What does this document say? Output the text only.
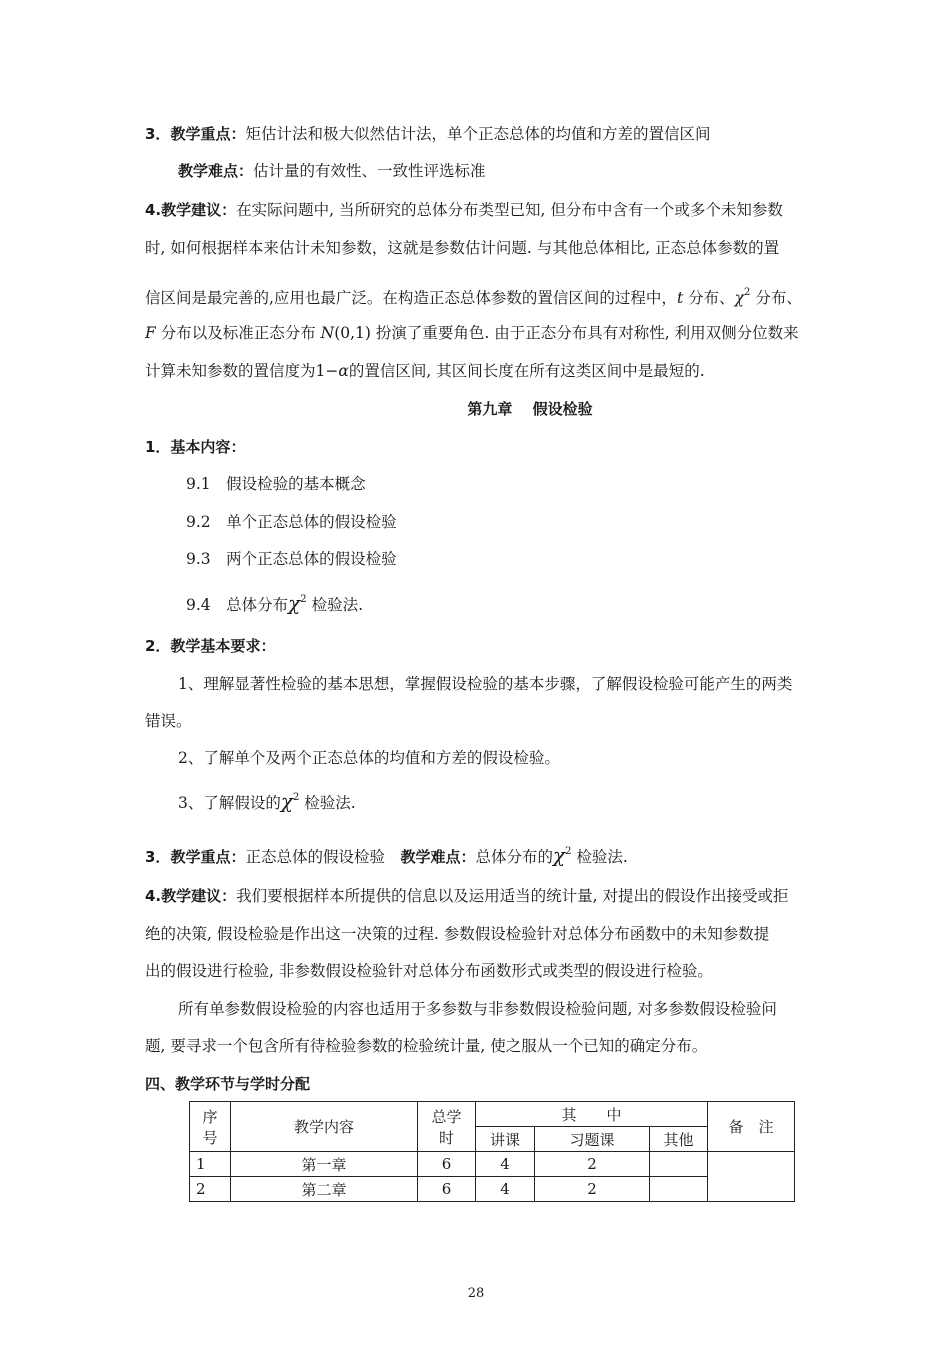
3．教学重点：矩估计法和极大似然估计法，单个正态总体的均值和方差的置信区间
教学难点：估计量的有效性、一致性评选标准
4.教学建议：在实际问题中, 当所研究的总体分布类型已知, 但分布中含有一个或多个未知参数
时, 如何根据样本来估计未知参数，这就是参数估计问题. 与其他总体相比, 正态总体参数的置
信区间是最完善的,应用也最广泛。在构造正态总体参数的置信区间的过程中，t 分布、$\chi^2$ 分布、
F 分布以及标准正态分布 N(0,1) 扮演了重要角色. 由于正态分布具有对称性, 利用双侧分位数来
计算未知参数的置信度为1−α的置信区间, 其区间长度在所有这类区间中是最短的.
第九章　 假设检验
1．基本内容：
9.1　假设检验的基本概念
9.2　单个正态总体的假设检验
9.3　两个正态总体的假设检验
9.4　总体分布$\chi^2$ 检验法.
2．教学基本要求：
1、理解显著性检验的基本思想，掌握假设检验的基本步骤，了解假设检验可能产生的两类
错误。
2、了解单个及两个正态总体的均值和方差的假设检验。
3、了解假设的$\chi^2$ 检验法.
3．教学重点：正态总体的假设检验　教学难点：总体分布的$\chi^2$ 检验法.
4.教学建议：我们要根据样本所提供的信息以及运用适当的统计量, 对提出的假设作出接受或拒
绝的决策, 假设检验是作出这一决策的过程. 参数假设检验针对总体分布函数中的未知参数提
出的假设进行检验, 非参数假设检验针对总体分布函数形式或类型的假设进行检验。
所有单参数假设检验的内容也适用于多参数与非参数假设检验问题, 对多参数假设检验问
题, 要寻求一个包含所有待检验参数的检验统计量, 使之服从一个已知的确定分布。
四、教学环节与学时分配
序
号	教学内容	总学
时	其　　中			备　注
			讲课	习题课	其他	
1	第一章	6	4	2		
2	第二章	6	4	2		
28
